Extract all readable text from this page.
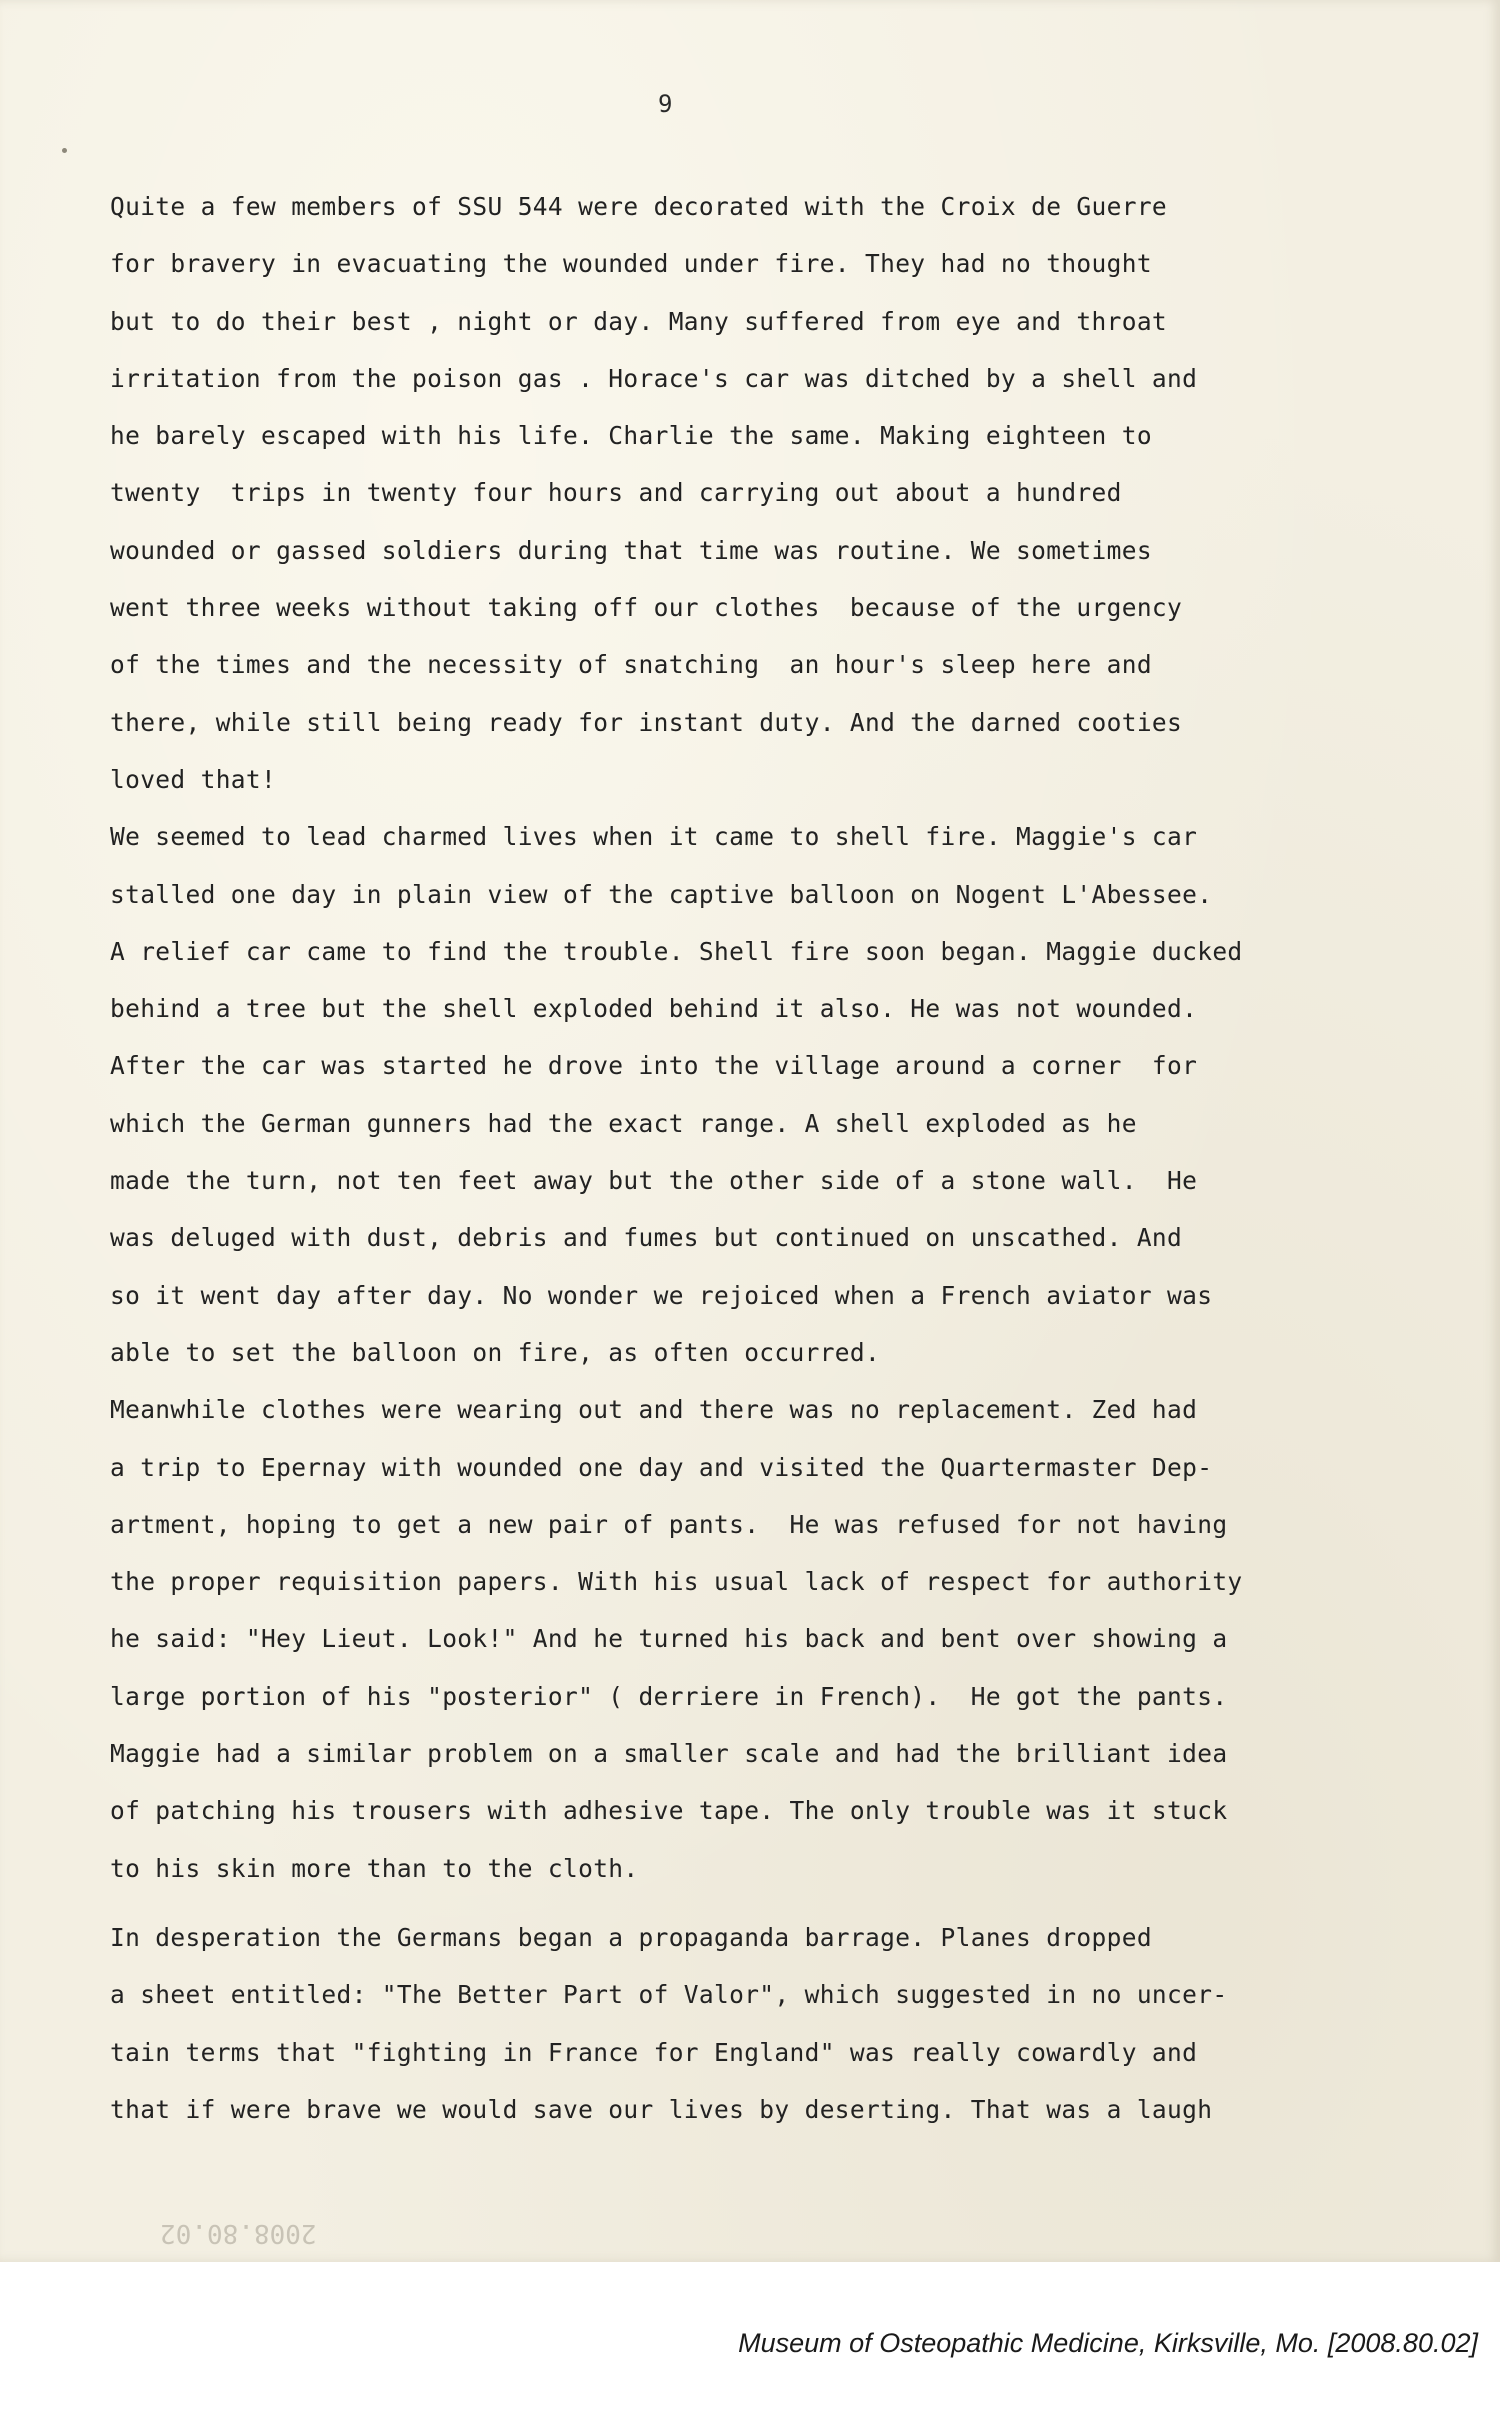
9
Quite a few members of SSU 544 were decorated with the Croix de Guerre
for bravery in evacuating the wounded under fire. They had no thought
but to do their best , night or day. Many suffered from eye and throat
irritation from the poison gas . Horace's car was ditched by a shell and
he barely escaped with his life. Charlie the same. Making eighteen to
twenty  trips in twenty four hours and carrying out about a hundred
wounded or gassed soldiers during that time was routine. We sometimes
went three weeks without taking off our clothes  because of the urgency
of the times and the necessity of snatching  an hour's sleep here and
there, while still being ready for instant duty. And the darned cooties
loved that!
We seemed to lead charmed lives when it came to shell fire. Maggie's car
stalled one day in plain view of the captive balloon on Nogent L'Abessee.
A relief car came to find the trouble. Shell fire soon began. Maggie ducked
behind a tree but the shell exploded behind it also. He was not wounded.
After the car was started he drove into the village around a corner  for
which the German gunners had the exact range. A shell exploded as he
made the turn, not ten feet away but the other side of a stone wall.  He
was deluged with dust, debris and fumes but continued on unscathed. And
so it went day after day. No wonder we rejoiced when a French aviator was
able to set the balloon on fire, as often occurred.
Meanwhile clothes were wearing out and there was no replacement. Zed had
a trip to Epernay with wounded one day and visited the Quartermaster Dep-
artment, hoping to get a new pair of pants.  He was refused for not having
the proper requisition papers. With his usual lack of respect for authority
he said: "Hey Lieut. Look!" And he turned his back and bent over showing a
large portion of his "posterior" ( derriere in French).  He got the pants.
Maggie had a similar problem on a smaller scale and had the brilliant idea
of patching his trousers with adhesive tape. The only trouble was it stuck
to his skin more than to the cloth.
In desperation the Germans began a propaganda barrage. Planes dropped
a sheet entitled: "The Better Part of Valor", which suggested in no uncer-
tain terms that "fighting in France for England" was really cowardly and
that if were brave we would save our lives by deserting. That was a laugh
2008.80.02
Museum of Osteopathic Medicine, Kirksville, Mo. [2008.80.02]
